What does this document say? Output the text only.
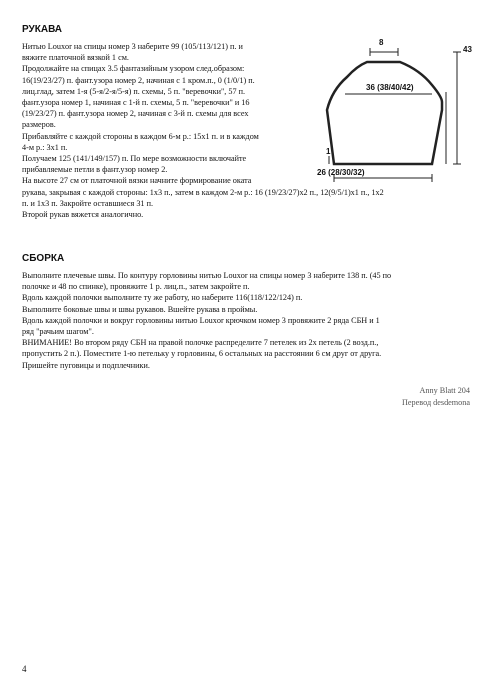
РУКАВА

Нитью Louxor на спицы номер 3 наберите 99 (105/113/121) п. и

вяжите платочной вязкой 1 см.

Продолжайте на спицах 3.5 фантазийным узором след.образом:

16(19/23/27) п. фант.узора номер 2, начиная с 1 кром.п., 0 (1/0/1) п.

лиц.глад, затем 1-я (5-я/2-я/5-я) п. схемы, 5 п. "веревочки", 57 п.

фант.узора номер 1, начиная с 1-й п. схемы, 5 п. "веревочки" и 16

(19/23/27) п. фант.узора номер 2, начиная с 3-й п. схемы для всех

размеров.

Прибавляйте с каждой стороны в каждом 6-м р.: 15х1 п. и в каждом

4-м р.: 3х1 п.

Получаем 125 (141/149/157) п. По мере возможности включайте

прибавляемые петли в фант.узор номер 2.

На высоте 27 см от платочной вязки начните формирование оката

рукава, закрывая с каждой стороны: 1х3 п., затем в каждом 2-м р.: 16 (19/23/27)х2 п., 12(9/5/1)х1 п., 1х2

п. и 1х3 п. Закройте оставшиеся 31 п.

Второй рукав вяжется аналогично.

8
43
36 (38/40/42)
1
26 (28/30/32)
СБОРКА

Выполните плечевые швы. По контуру горловины нитью Louxor на спицы номер 3 наберите 138 п. (45 по

полочке и 48 по спинке), провяжите 1 р. лиц.п., затем закройте п.

Вдоль каждой полочки выполните ту же работу, но наберите 116(118/122/124) п.

Выполните боковые швы и швы рукавов. Вшейте рукава в проймы.

Вдоль каждой полочки и вокруг горловины нитью Louxor крючком номер 3 провяжите 2 ряда СБН и 1

ряд "рачьим шагом".

ВНИМАНИЕ! Во втором ряду СБН на правой полочке распределите 7 петелек из 2х петель (2 возд.п.,

пропустить 2 п.). Поместите 1-ю петельку у горловины, 6 остальных на расстоянии 6 см друг от друга.

Пришейте пуговицы и подплечники.

Anny Blatt 204
Перевод desdemona
4
